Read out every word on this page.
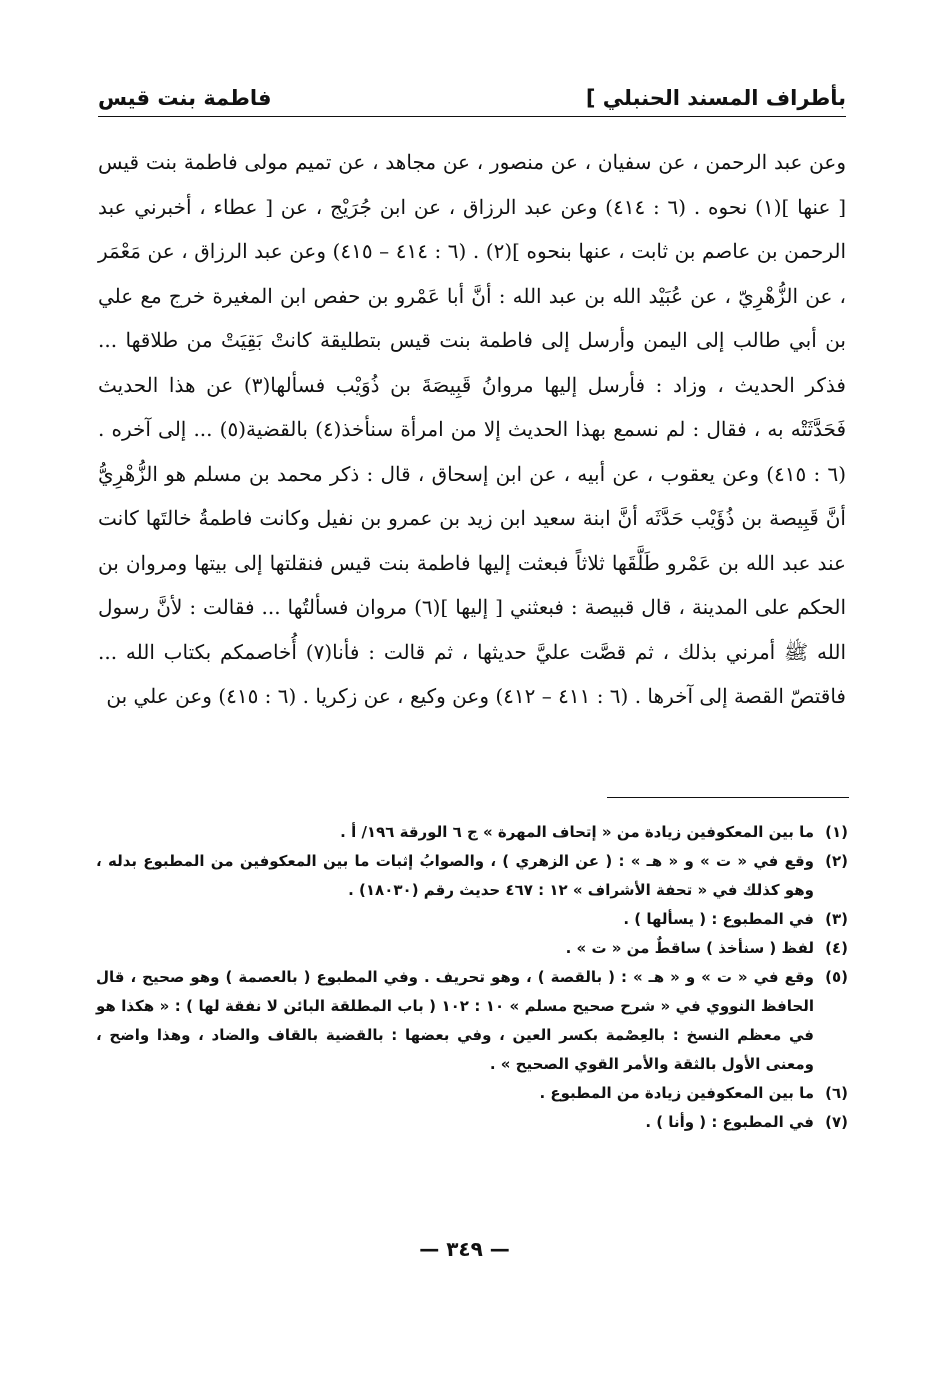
بأطراف المسند الحنبلي ]
فاطمة بنت قيس

وعن عبد الرحمن ، عن سفيان ، عن منصور ، عن مجاهد ، عن تميم مولى فاطمة بنت قيس [ عنها ](١) نحوه . (٦ : ٤١٤) وعن عبد الرزاق ، عن ابن جُرَيْج ، عن [ عطاء ، أخبرني عبد الرحمن بن عاصم بن ثابت ، عنها بنحوه ](٢) . (٦ : ٤١٤ – ٤١٥) وعن عبد الرزاق ، عن مَعْمَر ، عن الزُّهْرِيّ ، عن عُبَيْد الله بن عبد الله : أنَّ أبا عَمْرو بن حفص ابن المغيرة خرج مع علي بن أبي طالب إلى اليمن وأرسل إلى فاطمة بنت قيس بتطليقة كانتْ بَقِيَتْ من طلاقها ... فذكر الحديث ، وزاد : فأرسل إليها مروانُ قَبِيصَةَ بن ذُوَيْب فسألها(٣) عن هذا الحديث فَحَدَّثَتْه به ، فقال : لم نسمع بهذا الحديث إلا من امرأة سنأخذ(٤) بالقضية(٥) ... إلى آخره . (٦ : ٤١٥) وعن يعقوب ، عن أبيه ، عن ابن إسحاق ، قال : ذكر محمد بن مسلم هو الزُّهْرِيُّ أنَّ قَبِيصة بن ذُؤَيْب حَدَّثَه أنَّ ابنة سعيد ابن زيد بن عمرو بن نفيل وكانت فاطمةُ خالتَها كانت عند عبد الله بن عَمْرو طَلَّقَها ثلاثاً فبعثت إليها فاطمة بنت قيس فنقلتها إلى بيتها ومروان بن الحكم على المدينة ، قال قبيصة : فبعثني [ إليها ](٦) مروان فسألتُها ... فقالت : لأنَّ رسول الله ﷺ أمرني بذلك ، ثم قصَّت عليَّ حديثها ، ثم قالت : فأنا(٧) أُخاصمكم بكتاب الله ... فاقتصّ القصة إلى آخرها . (٦ : ٤١١ – ٤١٢) وعن وكيع ، عن زكريا . (٦ : ٤١٥) وعن علي بن

(١)
ما بين المعكوفين زيادة من « إتحاف المهرة » ج ٦ الورقة ١٩٦/ أ .
(٢)
وقع في « ت » و « هـ » : ( عن الزهري ) ، والصوابُ إثبات ما بين المعكوفين من المطبوع بدله ، وهو كذلك في « تحفة الأشراف » ١٢ : ٤٦٧ حديث رقم (١٨٠٣٠) .
(٣)
في المطبوع : ( يسألها ) .
(٤)
لفظ ( سنأخذ ) ساقطٌ من « ت » .
(٥)
وقع في « ت » و « هـ » : ( بالقصة ) ، وهو تحريف . وفي المطبوع ( بالعصمة ) وهو صحيح ، قال الحافظ النووي في « شرح صحيح مسلم » ١٠ : ١٠٢ ( باب المطلقة البائن لا نفقة لها ) : « هكذا هو في معظم النسخ : بالعِصْمة بكسر العين ، وفي بعضها : بالقضية بالقاف والضاد ، وهذا واضح ، ومعنى الأول بالثقة والأمر القوي الصحيح » .
(٦)
ما بين المعكوفين زيادة من المطبوع .
(٧)
في المطبوع : ( وأنا ) .
— ٣٤٩ —
